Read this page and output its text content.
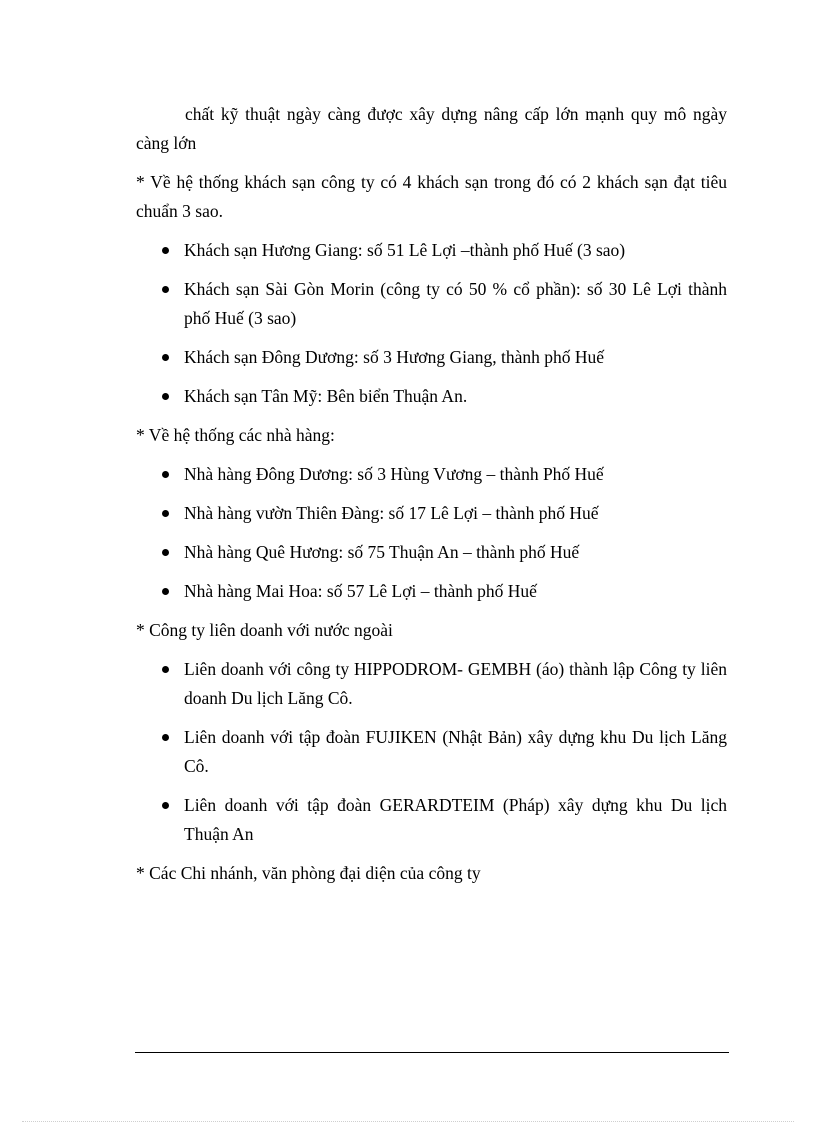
chất kỹ thuật ngày càng được xây dựng nâng cấp lớn mạnh quy mô ngày càng lớn

* Về hệ thống khách sạn công ty có 4 khách sạn trong đó có 2 khách sạn đạt tiêu chuẩn 3 sao.

Khách sạn Hương Giang: số 51 Lê Lợi –thành phố Huế (3 sao)
Khách sạn Sài Gòn Morin (công ty có 50 % cổ phần): số 30 Lê Lợi thành phố Huế (3 sao)
Khách sạn Đông Dương: số 3 Hương Giang, thành phố Huế
Khách sạn Tân Mỹ: Bên biển Thuận An.

* Về hệ thống các nhà hàng:

Nhà hàng Đông Dương: số 3 Hùng Vương – thành Phố Huế
Nhà hàng vườn Thiên Đàng: số 17 Lê Lợi – thành phố Huế
Nhà hàng Quê Hương: số 75 Thuận An – thành phố Huế
Nhà hàng Mai Hoa: số 57 Lê Lợi – thành phố Huế

* Công ty liên doanh với nước ngoài

Liên doanh với công ty HIPPODROM- GEMBH (áo) thành lập Công ty liên doanh Du lịch Lăng Cô.
Liên doanh với tập đoàn FUJIKEN (Nhật Bản) xây dựng khu Du lịch Lăng Cô.
Liên doanh với tập đoàn GERARDTEIM (Pháp) xây dựng khu Du lịch Thuận An

* Các Chi nhánh, văn phòng đại diện của công ty
